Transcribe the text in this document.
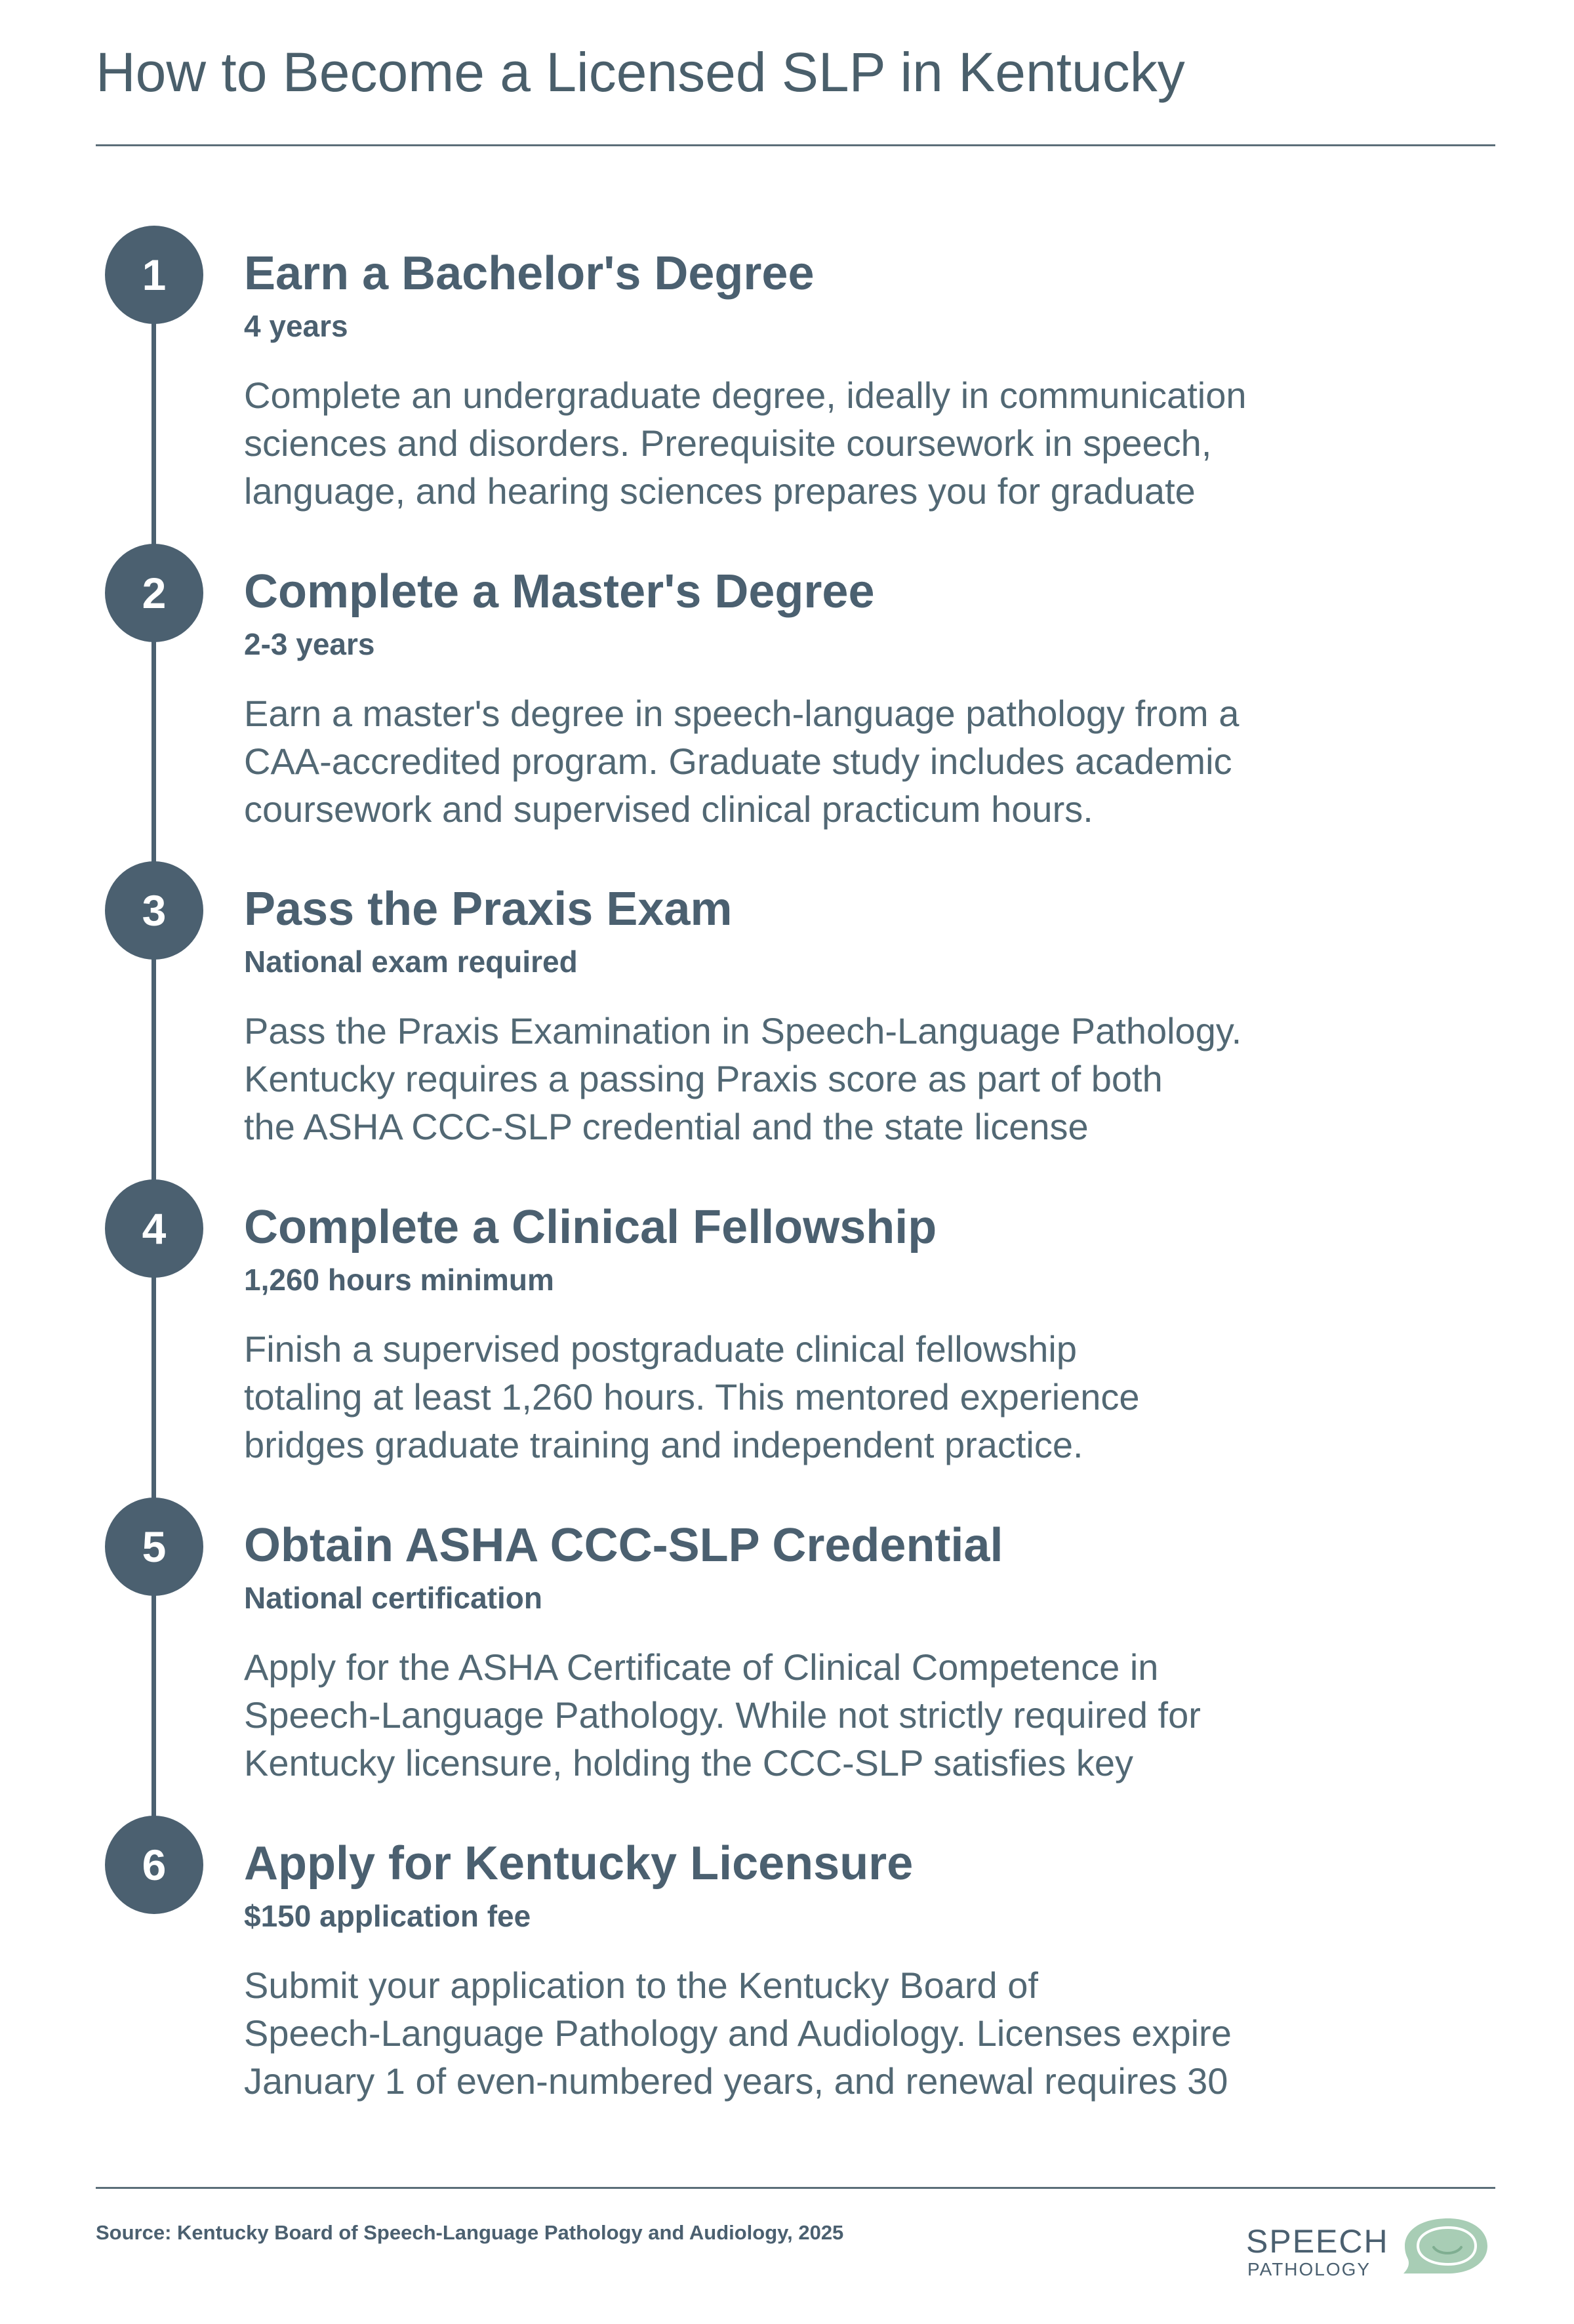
How to Become a Licensed SLP in Kentucky
1	Earn a Bachelor's Degree
4 years
Complete an undergraduate degree, ideally in communication
sciences and disorders. Prerequisite coursework in speech,
language, and hearing sciences prepares you for graduate
2	Complete a Master's Degree
2-3 years
Earn a master's degree in speech-language pathology from a
CAA-accredited program. Graduate study includes academic
coursework and supervised clinical practicum hours.
3	Pass the Praxis Exam
National exam required
Pass the Praxis Examination in Speech-Language Pathology.
Kentucky requires a passing Praxis score as part of both
the ASHA CCC-SLP credential and the state license
4	Complete a Clinical Fellowship
1,260 hours minimum
Finish a supervised postgraduate clinical fellowship
totaling at least 1,260 hours. This mentored experience
bridges graduate training and independent practice.
5	Obtain ASHA CCC-SLP Credential
National certification
Apply for the ASHA Certificate of Clinical Competence in
Speech-Language Pathology. While not strictly required for
Kentucky licensure, holding the CCC-SLP satisfies key
6	Apply for Kentucky Licensure
$150 application fee
Submit your application to the Kentucky Board of
Speech-Language Pathology and Audiology. Licenses expire
January 1 of even-numbered years, and renewal requires 30
Source: Kentucky Board of Speech-Language Pathology and Audiology, 2025	SPEECH
PATHOLOGY
